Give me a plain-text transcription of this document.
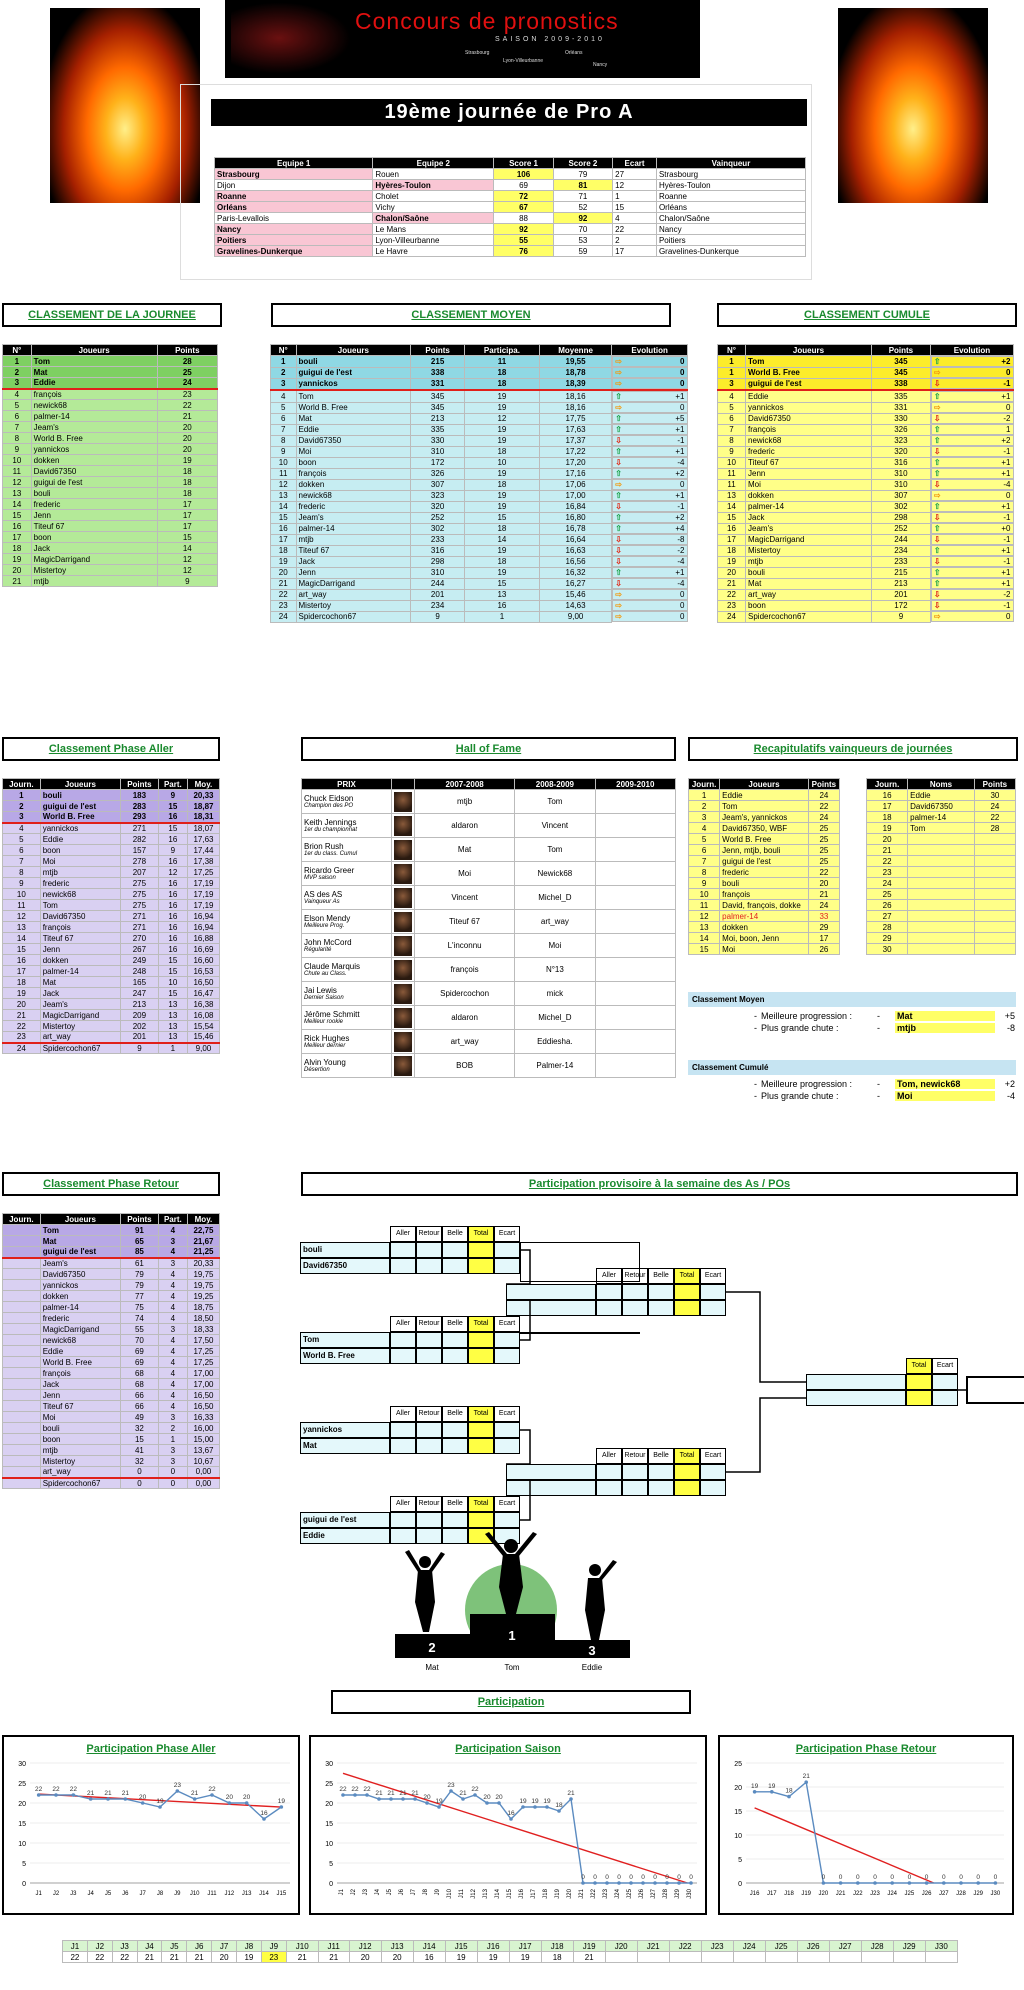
Concours de pronostics
SAISON 2009-2010
Strasbourg
Lyon-Villeurbanne
Orléans
Nancy
19ème journée de Pro A
Equipe 1	Equipe 2	Score 1	Score 2	Ecart	Vainqueur
Strasbourg	Rouen	106	79	27	Strasbourg
Dijon	Hyères-Toulon	69	81	12	Hyères-Toulon
Roanne	Cholet	72	71	1	Roanne
Orléans	Vichy	67	52	15	Orléans
Paris-Levallois	Chalon/Saône	88	92	4	Chalon/Saône
Nancy	Le Mans	92	70	22	Nancy
Poitiers	Lyon-Villeurbanne	55	53	2	Poitiers
Gravelines-Dunkerque	Le Havre	76	59	17	Gravelines-Dunkerque
CLASSEMENT DE LA JOURNEE	CLASSEMENT MOYEN	CLASSEMENT CUMULE
N°	Joueurs	Points
1	Tom	28
2	Mat	25
3	Eddie	24
4	françois	23
5	newick68	22
6	palmer-14	21
7	Jeam's	20
8	World B. Free	20
9	yannickos	20
10	dokken	19
11	David67350	18
12	guigui de l'est	18
13	bouli	18
14	frederic	17
15	Jenn	17
16	Titeuf 67	17
17	boon	15
18	Jack	14
19	MagicDarrigand	12
20	Mistertoy	12
21	mtjb	9
N°	Joueurs	Points	Participa.	Moyenne	Evolution
1	bouli	215	11	19,55		⇨	0

2	guigui de l'est	338	18	18,78		⇨	0

3	yannickos	331	18	18,39		⇨	0

4	Tom	345	19	18,16		⇧	+1

5	World B. Free	345	19	18,16		⇨	0

6	Mat	213	12	17,75		⇧	+5

7	Eddie	335	19	17,63		⇧	+1

8	David67350	330	19	17,37		⇩	-1

9	Moi	310	18	17,22		⇧	+1

10	boon	172	10	17,20		⇩	-4

11	françois	326	19	17,16		⇧	+2

12	dokken	307	18	17,06		⇨	0

13	newick68	323	19	17,00		⇧	+1

14	frederic	320	19	16,84		⇩	-1

15	Jeam's	252	15	16,80		⇧	+2

16	palmer-14	302	18	16,78		⇧	+4

17	mtjb	233	14	16,64		⇩	-8

18	Titeuf 67	316	19	16,63		⇩	-2

19	Jack	298	18	16,56		⇩	-4

20	Jenn	310	19	16,32		⇧	+1

21	MagicDarrigand	244	15	16,27		⇩	-4

22	art_way	201	13	15,46		⇨	0

23	Mistertoy	234	16	14,63		⇨	0

24	Spidercochon67	9	1	9,00		⇨	0
N°	Joueurs	Points	Evolution
1	Tom	345		⇧	+2

1	World B. Free	345		⇨	0

3	guigui de l'est	338		⇩	-1

4	Eddie	335		⇧	+1

5	yannickos	331		⇨	0

6	David67350	330		⇩	-2

7	françois	326		⇧	1

8	newick68	323		⇧	+2

9	frederic	320		⇩	-1

10	Titeuf 67	316		⇧	+1

11	Jenn	310		⇧	+1

11	Moi	310		⇩	-4

13	dokken	307		⇨	0

14	palmer-14	302		⇧	+1

15	Jack	298		⇩	-1

16	Jeam's	252		⇧	+0

17	MagicDarrigand	244		⇩	-1

18	Mistertoy	234		⇧	+1

19	mtjb	233		⇩	-1

20	bouli	215		⇧	+1

21	Mat	213		⇧	+1

22	art_way	201		⇩	-2

23	boon	172		⇩	-1

24	Spidercochon67	9		⇨	0
Classement Phase Aller	Hall of Fame	Recapitulatifs vainqueurs de journées
Journ.	Joueurs	Points	Part.	Moy.
1	bouli	183	9	20,33
2	guigui de l'est	283	15	18,87
3	World B. Free	293	16	18,31
4	yannickos	271	15	18,07
5	Eddie	282	16	17,63
6	boon	157	9	17,44
7	Moi	278	16	17,38
8	mtjb	207	12	17,25
9	frederic	275	16	17,19
10	newick68	275	16	17,19
11	Tom	275	16	17,19
12	David67350	271	16	16,94
13	françois	271	16	16,94
14	Titeuf 67	270	16	16,88
15	Jenn	267	16	16,69
16	dokken	249	15	16,60
17	palmer-14	248	15	16,53
18	Mat	165	10	16,50
19	Jack	247	15	16,47
20	Jeam's	213	13	16,38
21	MagicDarrigand	209	13	16,08
22	Mistertoy	202	13	15,54
23	art_way	201	13	15,46
24	Spidercochon67	9	1	9,00
PRIX		2007-2008	2008-2009	2009-2010

Chuck Eidson
Champion des PO		mtjb	Tom	

Keith Jennings
1er du championnat		aldaron	Vincent	

Brion Rush
1er du class. Cumul		Mat	Tom	

Ricardo Greer
MVP saison		Moi	Newick68	

AS des AS
Vainqueur As		Vincent	Michel_D	

Elson Mendy
Meilleure Prog.		Titeuf 67	art_way	

John McCord
Régularité		L'inconnu	Moi	

Claude Marquis
Chute au Class.		françois	N°13	

Jai Lewis
Dernier Saison		Spidercochon	mick	

Jérôme Schmitt
Meilleur rookie		aldaron	Michel_D	

Rick Hughes
Meilleur dernier		art_way	Eddiesha.	

Alvin Young
Désertion		BOB	Palmer-14	
Journ.	Joueurs	Points
1	Eddie	24
2	Tom	22
3	Jeam's, yannickos	24
4	David67350, WBF	25
5	World B. Free	25
6	Jenn, mtjb, bouli	25
7	guigui de l'est	25
8	frederic	22
9	bouli	20
10	françois	21
11	David, françois, dokke	24
12	palmer-14	33
13	dokken	29
14	Moi, boon, Jenn	17
15	Moi	26
Journ.	Noms	Points
16	Eddie	30
17	David67350	24
18	palmer-14	22
19	Tom	28
20		
21		
22		
23		
24		
25		
26		
27		
28		
29		
30		
Classement Moyen
- Meilleure progression :	-	Mat	+5
- Plus grande chute :	-	mtjb	-8
Classement Cumulé
- Meilleure progression :	-	Tom, newick68	+2
- Plus grande chute :	-	Moi	-4
Classement Phase Retour	Participation provisoire à la semaine des As / POs
Journ.	Joueurs	Points	Part.	Moy.
	Tom	91	4	22,75
	Mat	65	3	21,67
	guigui de l'est	85	4	21,25
	Jeam's	61	3	20,33
	David67350	79	4	19,75
	yannickos	79	4	19,75
	dokken	77	4	19,25
	palmer-14	75	4	18,75
	frederic	74	4	18,50
	MagicDarrigand	55	3	18,33
	newick68	70	4	17,50
	Eddie	69	4	17,25
	World B. Free	69	4	17,25
	françois	68	4	17,00
	Jack	68	4	17,00
	Jenn	66	4	16,50
	Titeuf 67	66	4	16,50
	Moi	49	3	16,33
	bouli	32	2	16,00
	boon	15	1	15,00
	mtjb	41	3	13,67
	Mistertoy	32	3	10,67
	art_way	0	0	0,00
	Spidercochon67	0	0	0,00
Aller	Retour	Belle	Total	Ecart
bouli
David67350
Aller	Retour	Belle	Total	Ecart
Tom
World B. Free
Aller	Retour	Belle	Total	Ecart
yannickos
Mat
Aller	Retour	Belle	Total	Ecart
guigui de l'est
Eddie
Aller	Retour	Belle	Total	Ecart
Aller	Retour	Belle	Total	Ecart
Total	Ecart
2
1
3
Mat	Tom	Eddie
Participation
Participation Phase Aller
0
5
10
15
20
25
30
J1 J2 J3 J4 J5 J6 J7 J8 J9 J10 J11 J12 J13 J14 J15
22 22 22
21 21 21
20
19
23
21
22
20 20
16
19
Participation Saison
0
5
10
15
20
25
30
J1 J2 J3 J4 J5 J6 J7 J8 J9 J10 J11 J12 J13 J14 J15 J16 J17 J18 J19 J20 J21 J22 J23 J24 J25 J26 J27 J28 J29 J30
22 22 22
21 21 21 21
20
19
23
21
22
20 20
16
19 19 19
18
21
0 0 0 0 0 0 0 0 0 0
Participation Phase Retour
0
5
10
15
20
25
J16 J17 J18 J19 J20 J21 J22 J23 J24 J25 J26 J27 J28 J29 J30
19 19
18
21
0 0 0 0 0 0 0 0 0 0 0
J1	J2	J3	J4	J5	J6	J7	J8	J9	J10	J11	J12	J13	J14	J15	J16	J17	J18	J19	J20	J21	J22	J23	J24	J25	J26	J27	J28	J29	J30
22	22	22	21	21	21	20	19	23	21	21	20	20	16	19	19	19	18	21											
